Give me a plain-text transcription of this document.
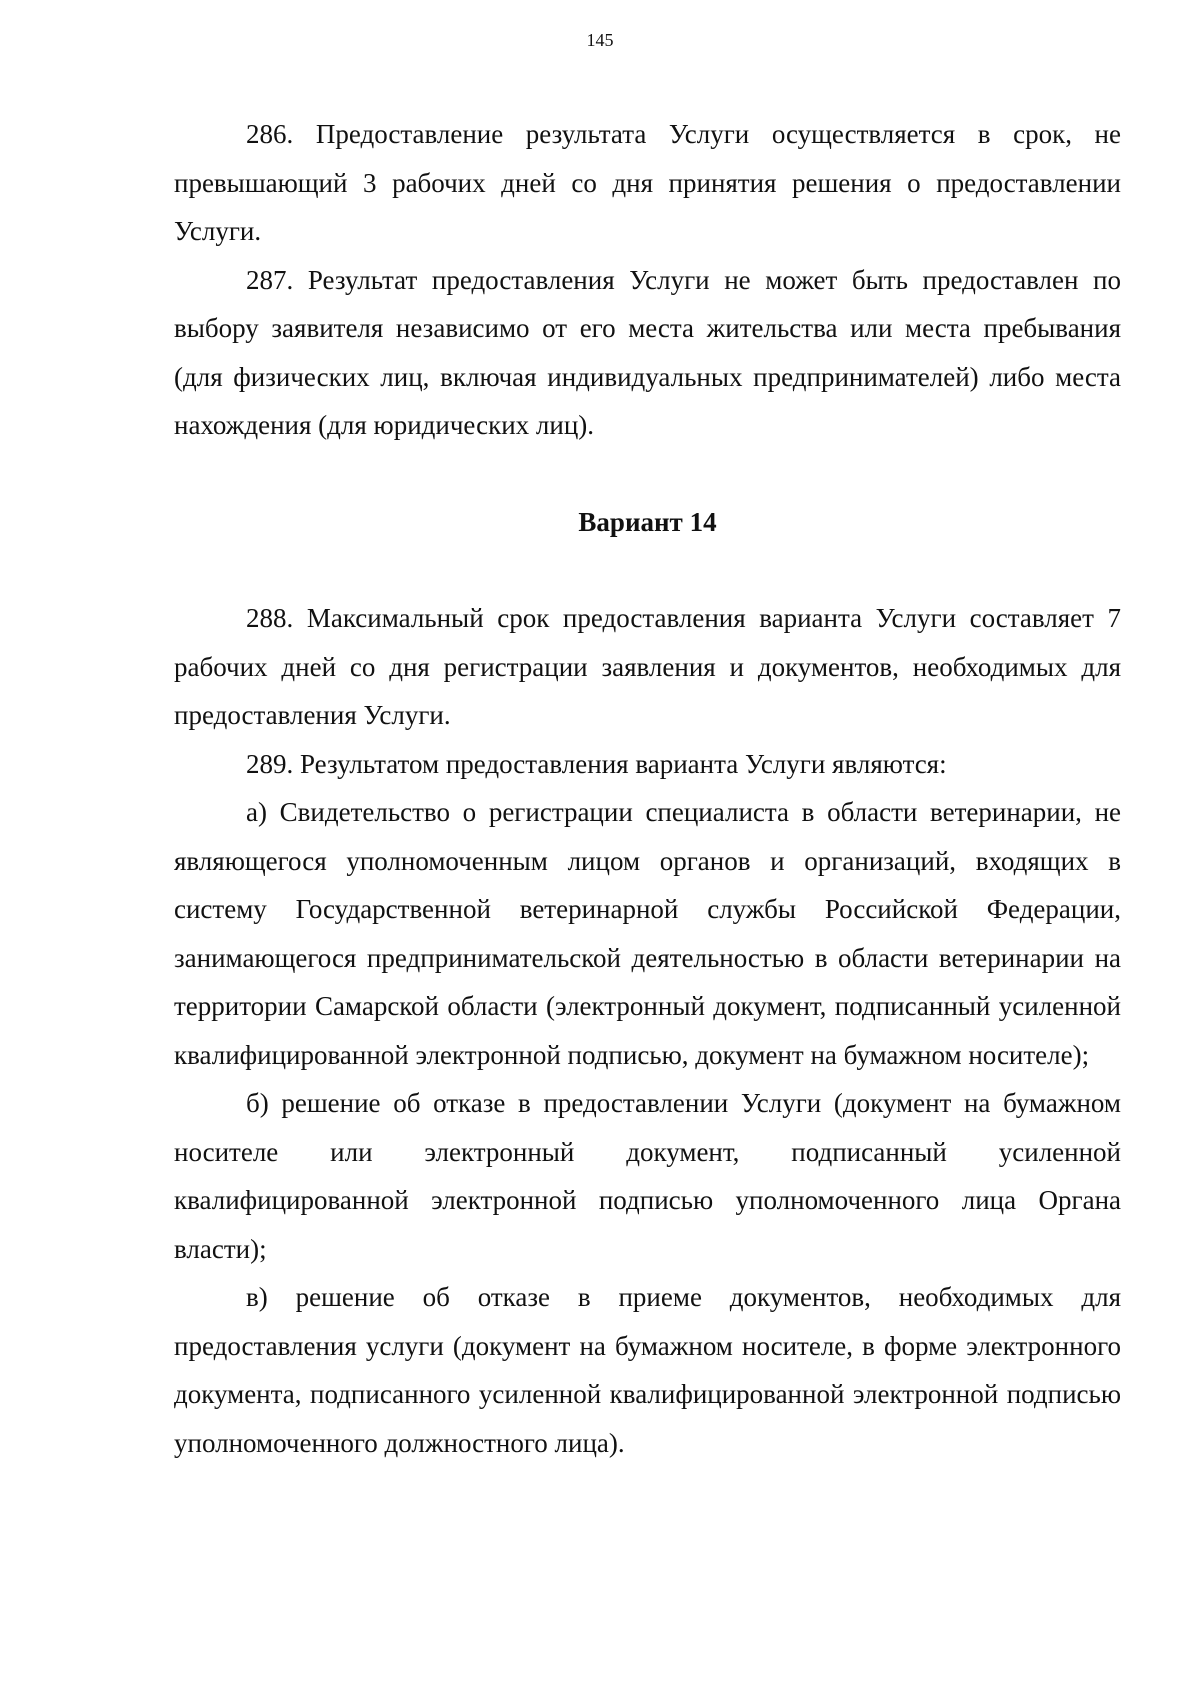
145

286. Предоставление результата Услуги осуществляется в срок, не превышающий 3 рабочих дней со дня принятия решения о предоставлении Услуги.

287. Результат предоставления Услуги не может быть предоставлен по выбору заявителя независимо от его места жительства или места пребывания (для физических лиц, включая индивидуальных предпринимателей) либо места нахождения (для юридических лиц).

Вариант 14

288. Максимальный срок предоставления варианта Услуги составляет 7 рабочих дней со дня регистрации заявления и документов, необходимых для предоставления Услуги.

289. Результатом предоставления варианта Услуги являются:

а) Свидетельство о регистрации специалиста в области ветеринарии, не являющегося уполномоченным лицом органов и организаций, входящих в систему Государственной ветеринарной службы Российской Федерации, занимающегося предпринимательской деятельностью в области ветеринарии на территории Самарской области (электронный документ, подписанный усиленной квалифицированной электронной подписью, документ на бумажном носителе);

б) решение об отказе в предоставлении Услуги (документ на бумажном носителе или электронный документ, подписанный усиленной квалифицированной электронной подписью уполномоченного лица Органа власти);

в) решение об отказе в приеме документов, необходимых для предоставления услуги (документ на бумажном носителе, в форме электронного документа, подписанного усиленной квалифицированной электронной подписью уполномоченного должностного лица).
